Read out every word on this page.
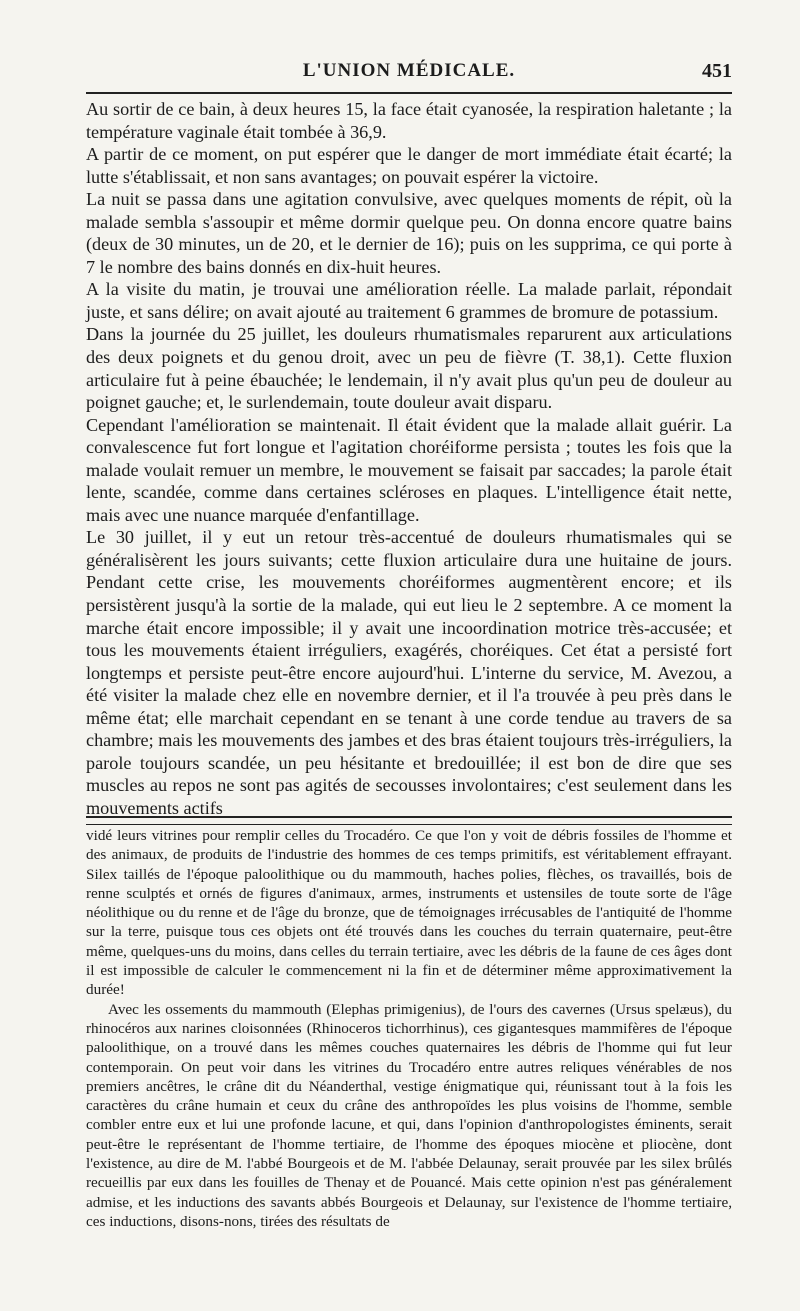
L'UNION MÉDICALE.	451

Au sortir de ce bain, à deux heures 15, la face était cyanosée, la respiration haletante ; la température vaginale était tombée à 36,9.

A partir de ce moment, on put espérer que le danger de mort immédiate était écarté; la lutte s'établissait, et non sans avantages; on pouvait espérer la victoire.

La nuit se passa dans une agitation convulsive, avec quelques moments de répit, où la malade sembla s'assoupir et même dormir quelque peu. On donna encore quatre bains (deux de 30 minutes, un de 20, et le dernier de 16); puis on les supprima, ce qui porte à 7 le nombre des bains donnés en dix-huit heures.

A la visite du matin, je trouvai une amélioration réelle. La malade parlait, répondait juste, et sans délire; on avait ajouté au traitement 6 grammes de bromure de potassium.

Dans la journée du 25 juillet, les douleurs rhumatismales reparurent aux articulations des deux poignets et du genou droit, avec un peu de fièvre (T. 38,1). Cette fluxion articulaire fut à peine ébauchée; le lendemain, il n'y avait plus qu'un peu de douleur au poignet gauche; et, le surlendemain, toute douleur avait disparu.

Cependant l'amélioration se maintenait. Il était évident que la malade allait guérir. La convalescence fut fort longue et l'agitation choréiforme persista ; toutes les fois que la malade voulait remuer un membre, le mouvement se faisait par saccades; la parole était lente, scandée, comme dans certaines scléroses en plaques. L'intelligence était nette, mais avec une nuance marquée d'enfantillage.

Le 30 juillet, il y eut un retour très-accentué de douleurs rhumatismales qui se généralisèrent les jours suivants; cette fluxion articulaire dura une huitaine de jours. Pendant cette crise, les mouvements choréiformes augmentèrent encore; et ils persistèrent jusqu'à la sortie de la malade, qui eut lieu le 2 septembre. A ce moment la marche était encore impossible; il y avait une incoordination motrice très-accusée; et tous les mouvements étaient irréguliers, exagérés, choréiques. Cet état a persisté fort longtemps et persiste peut-être encore aujourd'hui. L'interne du service, M. Avezou, a été visiter la malade chez elle en novembre dernier, et il l'a trouvée à peu près dans le même état; elle marchait cependant en se tenant à une corde tendue au travers de sa chambre; mais les mouvements des jambes et des bras étaient toujours très-irréguliers, la parole toujours scandée, un peu hésitante et bredouillée; il est bon de dire que ses muscles au repos ne sont pas agités de secousses involontaires; c'est seulement dans les mouvements actifs

vidé leurs vitrines pour remplir celles du Trocadéro. Ce que l'on y voit de débris fossiles de l'homme et des animaux, de produits de l'industrie des hommes de ces temps primitifs, est véritablement effrayant. Silex taillés de l'époque paloolithique ou du mammouth, haches polies, flèches, os travaillés, bois de renne sculptés et ornés de figures d'animaux, armes, instruments et ustensiles de toute sorte de l'âge néolithique ou du renne et de l'âge du bronze, que de témoignages irrécusables de l'antiquité de l'homme sur la terre, puisque tous ces objets ont été trouvés dans les couches du terrain quaternaire, peut-être même, quelques-uns du moins, dans celles du terrain tertiaire, avec les débris de la faune de ces âges dont il est impossible de calculer le commencement ni la fin et de déterminer même approximativement la durée!

Avec les ossements du mammouth (Elephas primigenius), de l'ours des cavernes (Ursus spelæus), du rhinocéros aux narines cloisonnées (Rhinoceros tichorrhinus), ces gigantesques mammifères de l'époque paloolithique, on a trouvé dans les mêmes couches quaternaires les débris de l'homme qui fut leur contemporain. On peut voir dans les vitrines du Trocadéro entre autres reliques vénérables de nos premiers ancêtres, le crâne dit du Néanderthal, vestige énigmatique qui, réunissant tout à la fois les caractères du crâne humain et ceux du crâne des anthropoïdes les plus voisins de l'homme, semble combler entre eux et lui une profonde lacune, et qui, dans l'opinion d'anthropologistes éminents, serait peut-être le représentant de l'homme tertiaire, de l'homme des époques miocène et pliocène, dont l'existence, au dire de M. l'abbé Bourgeois et de M. l'abbée Delaunay, serait prouvée par les silex brûlés recueillis par eux dans les fouilles de Thenay et de Pouancé. Mais cette opinion n'est pas généralement admise, et les inductions des savants abbés Bourgeois et Delaunay, sur l'existence de l'homme tertiaire, ces inductions, disons-nons, tirées des résultats de
